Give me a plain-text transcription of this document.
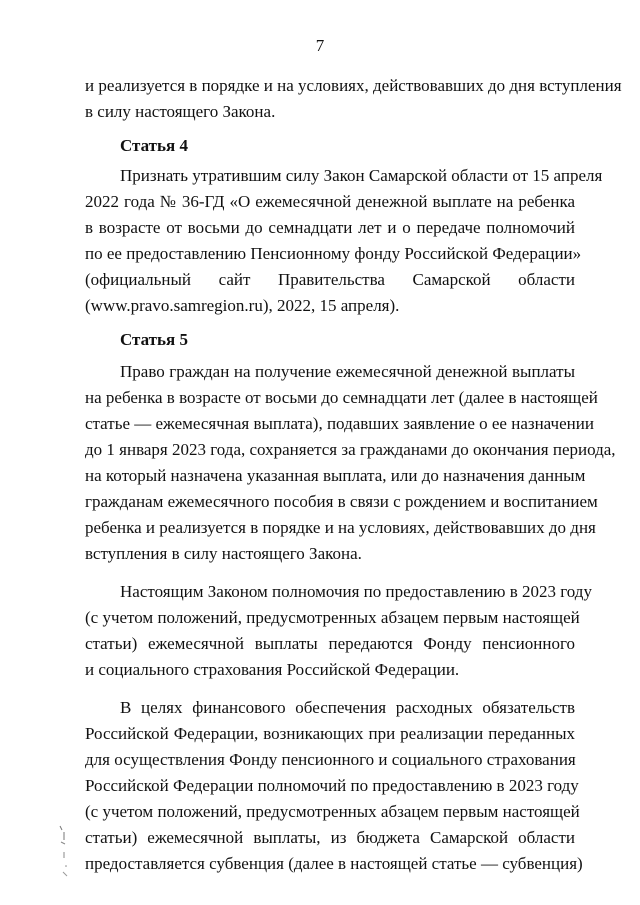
7
и реализуется в порядке и на условиях, действовавших до дня вступления
в силу настоящего Закона.
Статья 4
Признать утратившим силу Закон Самарской области от 15 апреля
2022 года № 36-ГД «О ежемесячной денежной выплате на ребенка
в возрасте от восьми до семнадцати лет и о передаче полномочий
по ее предоставлению Пенсионному фонду Российской Федерации»
(официальный сайт Правительства Самарской области
(www.pravo.samregion.ru), 2022, 15 апреля).
Статья 5
Право граждан на получение ежемесячной денежной выплаты
на ребенка в возрасте от восьми до семнадцати лет (далее в настоящей
статье — ежемесячная выплата), подавших заявление о ее назначении
до 1 января 2023 года, сохраняется за гражданами до окончания периода,
на который назначена указанная выплата, или до назначения данным
гражданам ежемесячного пособия в связи с рождением и воспитанием
ребенка и реализуется в порядке и на условиях, действовавших до дня
вступления в силу настоящего Закона.
Настоящим Законом полномочия по предоставлению в 2023 году
(с учетом положений, предусмотренных абзацем первым настоящей
статьи) ежемесячной выплаты передаются Фонду пенсионного
и социального страхования Российской Федерации.
В целях финансового обеспечения расходных обязательств
Российской Федерации, возникающих при реализации переданных
для осуществления Фонду пенсионного и социального страхования
Российской Федерации полномочий по предоставлению в 2023 году
(с учетом положений, предусмотренных абзацем первым настоящей
статьи) ежемесячной выплаты, из бюджета Самарской области
предоставляется субвенция (далее в настоящей статье — субвенция)
